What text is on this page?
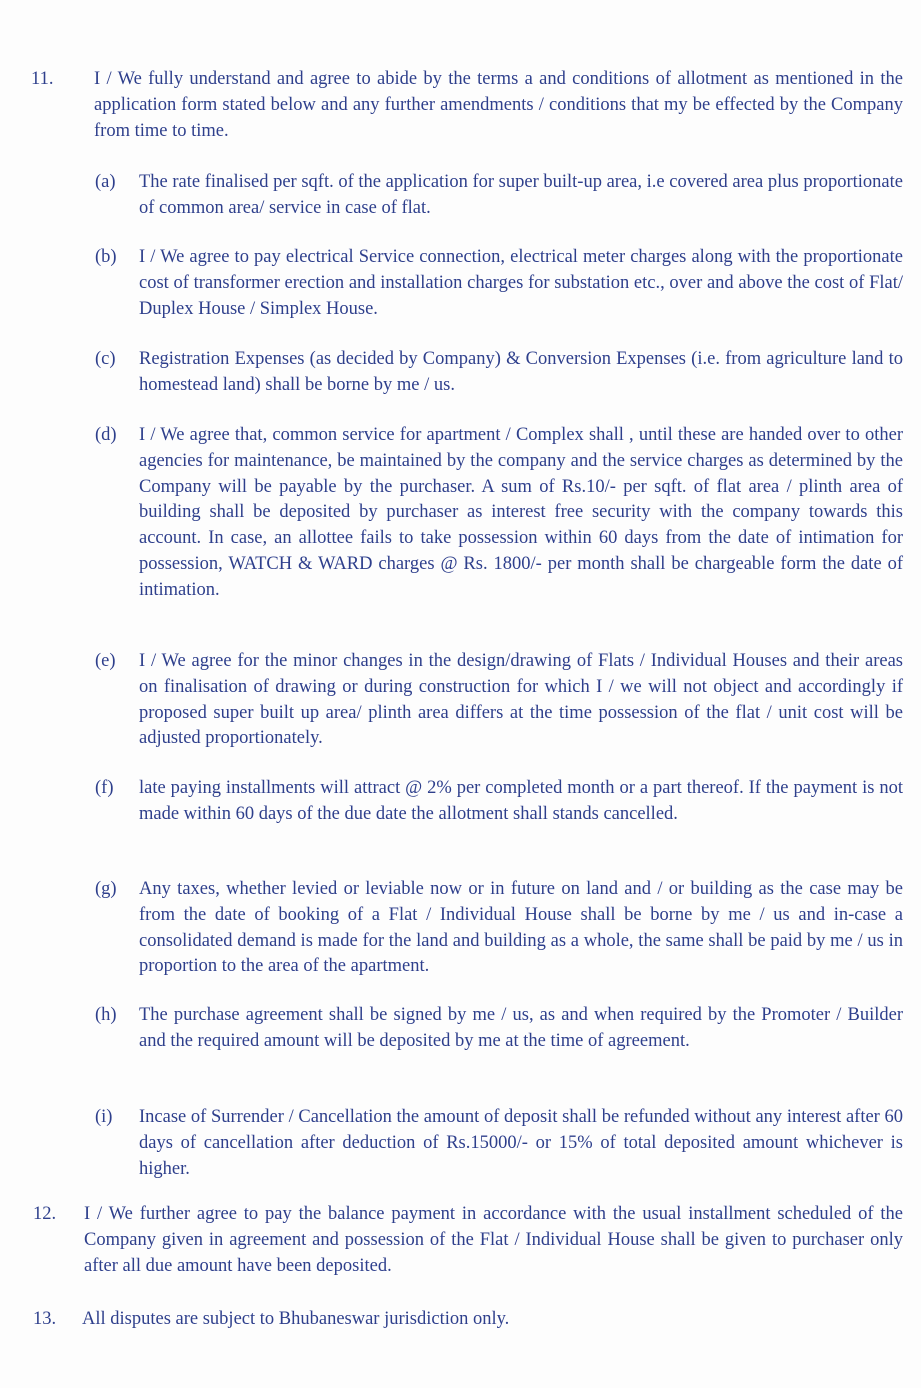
11. I / We fully understand and agree to abide by the terms a and conditions of allotment as mentioned in the application form stated below and any further amendments / conditions that my be effected by the Company from time to time.
(a) The rate finalised per sqft. of the application for super built-up area, i.e covered area plus proportionate of common area/ service in case of flat.
(b) I / We agree to pay electrical Service connection, electrical meter charges along with the proportionate cost of transformer erection and installation charges for substation etc., over and above the cost of Flat/ Duplex House / Simplex House.
(c) Registration Expenses (as decided by Company) & Conversion Expenses (i.e. from agriculture land to homestead land) shall be borne by me / us.
(d) I / We agree that, common service for apartment / Complex shall , until these are handed over to other agencies for maintenance, be maintained by the company and the service charges as determined by the Company will be payable by the purchaser. A sum of Rs.10/- per sqft. of flat area / plinth area of building shall be deposited by purchaser as interest free security with the company towards this account. In case, an allottee fails to take possession within 60 days from the date of intimation for possession, WATCH & WARD charges @ Rs. 1800/- per month shall be chargeable form the date of intimation.
(e) I / We agree for the minor changes in the design/drawing of Flats / Individual Houses and their areas on finalisation of drawing or during construction for which I / we will not object and accordingly if proposed super built up area/ plinth area differs at the time possession of the flat / unit cost will be adjusted proportionately.
(f) late paying installments will attract @ 2% per completed month or a part thereof. If the payment is not made within 60 days of the due date the allotment shall stands cancelled.
(g) Any taxes, whether levied or leviable now or in future on land and / or building as the case may be from the date of booking of a Flat / Individual House shall be borne by me / us and in-case a consolidated demand is made for the land and building as a whole, the same shall be paid by me / us in proportion to the area of the apartment.
(h) The purchase agreement shall be signed by me / us, as and when required by the Promoter / Builder and the required amount will be deposited by me at the time of agreement.
(i) Incase of Surrender / Cancellation the amount of deposit shall be refunded without any interest after 60 days of cancellation after deduction of Rs.15000/- or 15% of total deposited amount whichever is higher.
12. I / We further agree to pay the balance payment in accordance with the usual installment scheduled of the Company given in agreement and possession of the Flat / Individual House shall be given to purchaser only after all due amount have been deposited.
13. All disputes are subject to Bhubaneswar jurisdiction only.
